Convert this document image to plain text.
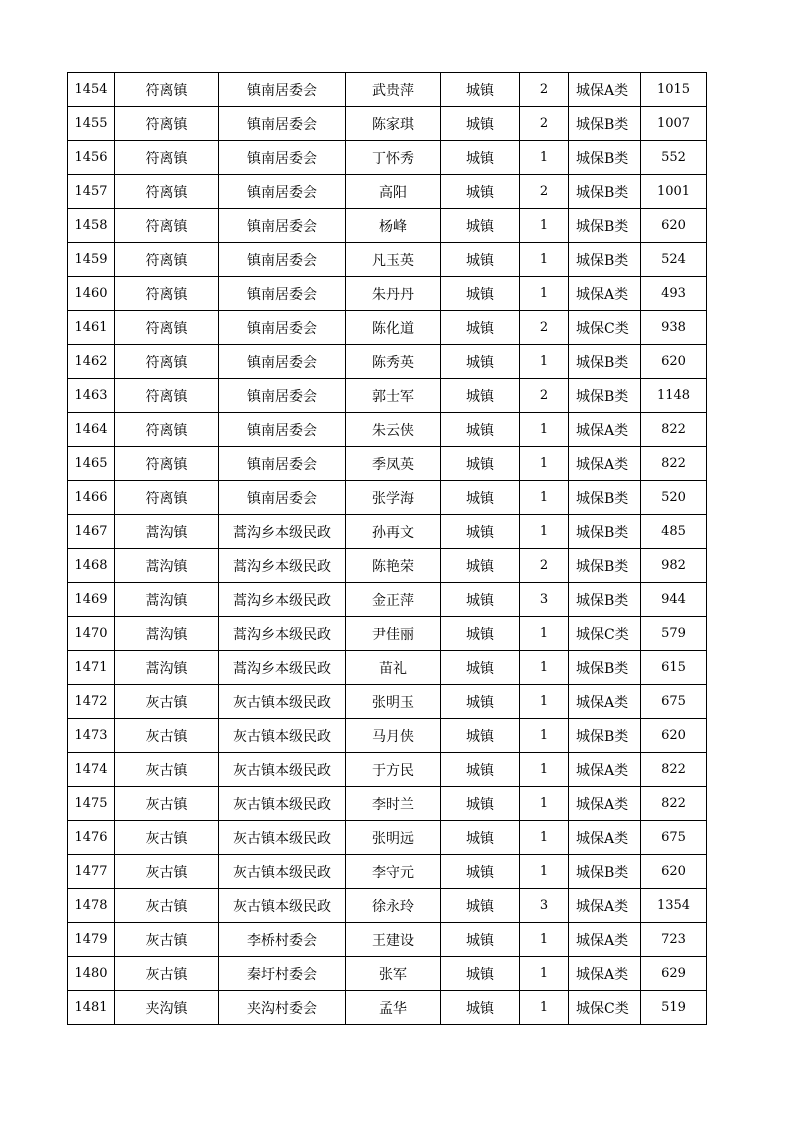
1454	符离镇	镇南居委会	武贵萍	城镇	2	城保A类	1015
1455	符离镇	镇南居委会	陈家琪	城镇	2	城保B类	1007
1456	符离镇	镇南居委会	丁怀秀	城镇	1	城保B类	552
1457	符离镇	镇南居委会	高阳	城镇	2	城保B类	1001
1458	符离镇	镇南居委会	杨峰	城镇	1	城保B类	620
1459	符离镇	镇南居委会	凡玉英	城镇	1	城保B类	524
1460	符离镇	镇南居委会	朱丹丹	城镇	1	城保A类	493
1461	符离镇	镇南居委会	陈化道	城镇	2	城保C类	938
1462	符离镇	镇南居委会	陈秀英	城镇	1	城保B类	620
1463	符离镇	镇南居委会	郭士军	城镇	2	城保B类	1148
1464	符离镇	镇南居委会	朱云侠	城镇	1	城保A类	822
1465	符离镇	镇南居委会	季凤英	城镇	1	城保A类	822
1466	符离镇	镇南居委会	张学海	城镇	1	城保B类	520
1467	蒿沟镇	蒿沟乡本级民政	孙再文	城镇	1	城保B类	485
1468	蒿沟镇	蒿沟乡本级民政	陈艳荣	城镇	2	城保B类	982
1469	蒿沟镇	蒿沟乡本级民政	金正萍	城镇	3	城保B类	944
1470	蒿沟镇	蒿沟乡本级民政	尹佳丽	城镇	1	城保C类	579
1471	蒿沟镇	蒿沟乡本级民政	苗礼	城镇	1	城保B类	615
1472	灰古镇	灰古镇本级民政	张明玉	城镇	1	城保A类	675
1473	灰古镇	灰古镇本级民政	马月侠	城镇	1	城保B类	620
1474	灰古镇	灰古镇本级民政	于方民	城镇	1	城保A类	822
1475	灰古镇	灰古镇本级民政	李时兰	城镇	1	城保A类	822
1476	灰古镇	灰古镇本级民政	张明远	城镇	1	城保A类	675
1477	灰古镇	灰古镇本级民政	李守元	城镇	1	城保B类	620
1478	灰古镇	灰古镇本级民政	徐永玲	城镇	3	城保A类	1354
1479	灰古镇	李桥村委会	王建设	城镇	1	城保A类	723
1480	灰古镇	秦圩村委会	张军	城镇	1	城保A类	629
1481	夹沟镇	夹沟村委会	孟华	城镇	1	城保C类	519
